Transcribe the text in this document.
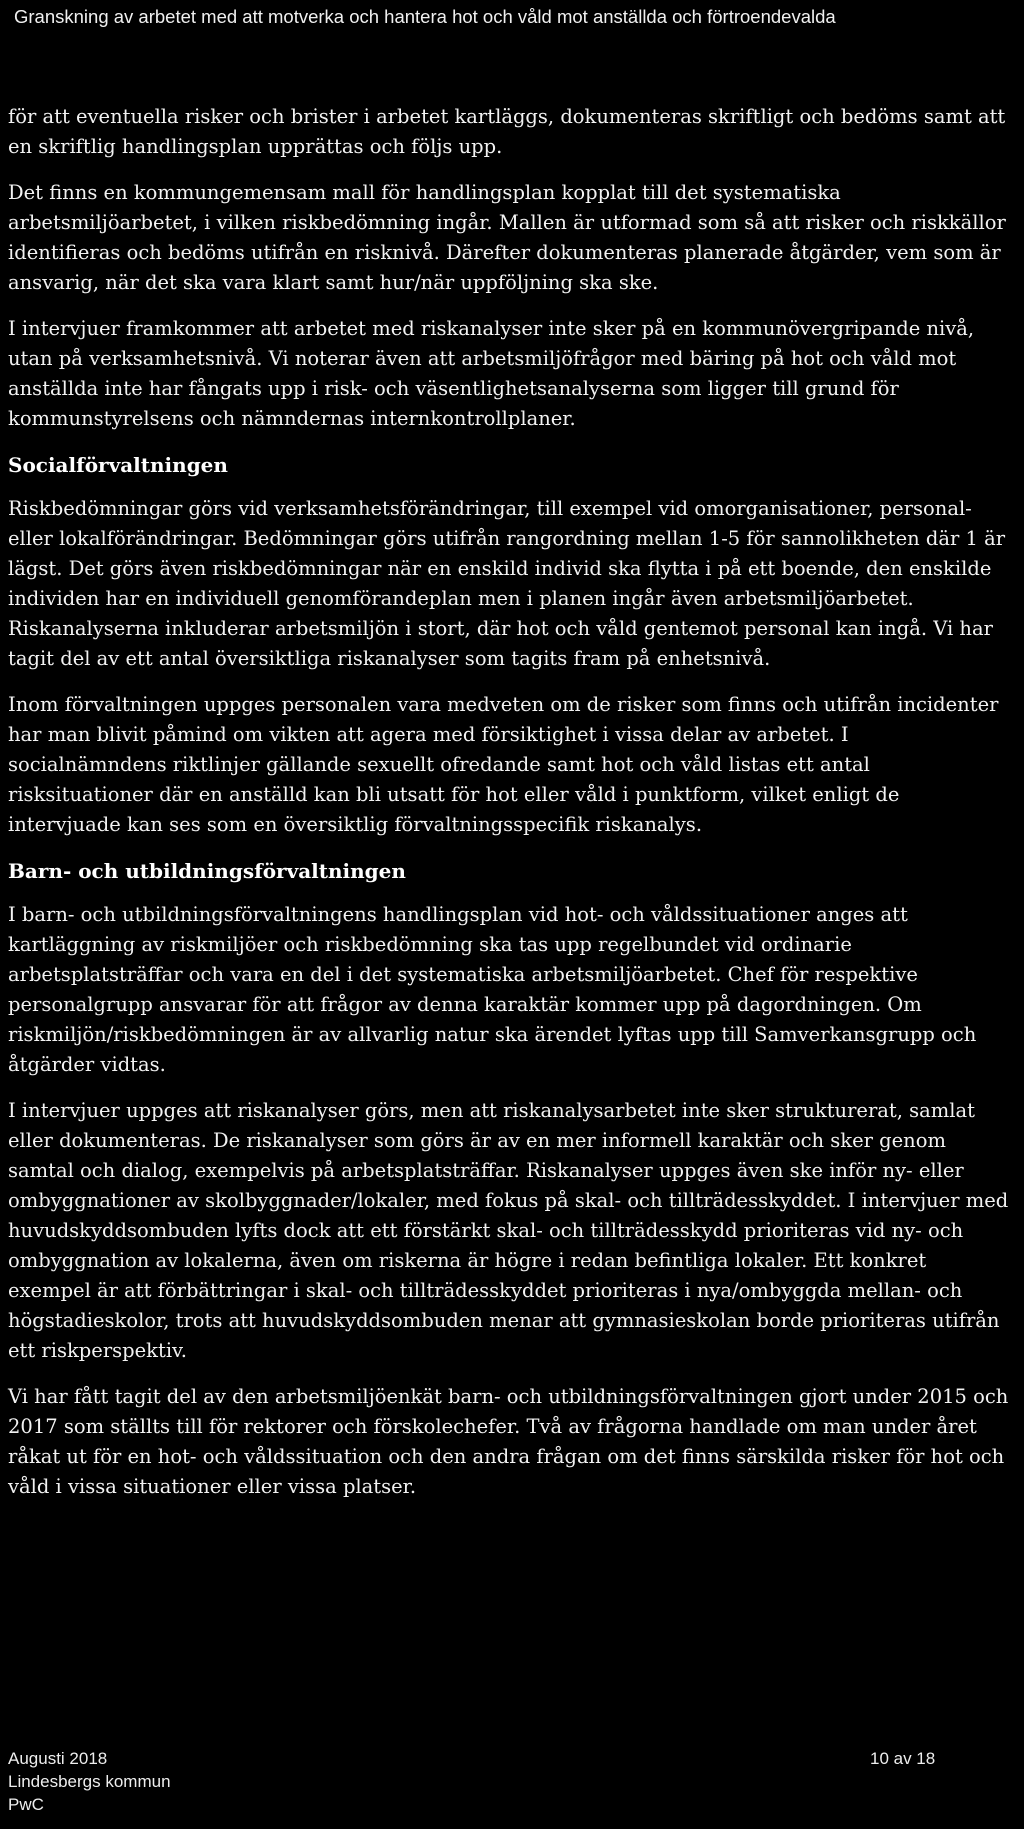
Granskning av arbetet med att motverka och hantera hot och våld mot anställda och förtroendevalda

för att eventuella risker och brister i arbetet kartläggs, dokumenteras skriftligt och bedöms samt att en skriftlig handlingsplan upprättas och följs upp.

Det finns en kommungemensam mall för handlingsplan kopplat till det systematiska arbetsmiljöarbetet, i vilken riskbedömning ingår. Mallen är utformad som så att risker och riskkällor identifieras och bedöms utifrån en risknivå. Därefter dokumenteras planerade åtgärder, vem som är ansvarig, när det ska vara klart samt hur/när uppföljning ska ske.

I intervjuer framkommer att arbetet med riskanalyser inte sker på en kommunövergripande nivå, utan på verksamhetsnivå. Vi noterar även att arbetsmiljöfrågor med bäring på hot och våld mot anställda inte har fångats upp i risk- och väsentlighetsanalyserna som ligger till grund för kommunstyrelsens och nämndernas internkontrollplaner.

Socialförvaltningen

Riskbedömningar görs vid verksamhetsförändringar, till exempel vid omorganisationer, personal- eller lokalförändringar. Bedömningar görs utifrån rangordning mellan 1-5 för sannolikheten där 1 är lägst. Det görs även riskbedömningar när en enskild individ ska flytta i på ett boende, den enskilde individen har en individuell genomförandeplan men i planen ingår även arbetsmiljöarbetet. Riskanalyserna inkluderar arbetsmiljön i stort, där hot och våld gentemot personal kan ingå. Vi har tagit del av ett antal översiktliga riskanalyser som tagits fram på enhetsnivå.

Inom förvaltningen uppges personalen vara medveten om de risker som finns och utifrån incidenter har man blivit påmind om vikten att agera med försiktighet i vissa delar av arbetet. I socialnämndens riktlinjer gällande sexuellt ofredande samt hot och våld listas ett antal risksituationer där en anställd kan bli utsatt för hot eller våld i punktform, vilket enligt de intervjuade kan ses som en översiktlig förvaltningsspecifik riskanalys.

Barn- och utbildningsförvaltningen

I barn- och utbildningsförvaltningens handlingsplan vid hot- och våldssituationer anges att kartläggning av riskmiljöer och riskbedömning ska tas upp regelbundet vid ordinarie arbetsplatsträffar och vara en del i det systematiska arbetsmiljöarbetet. Chef för respektive personalgrupp ansvarar för att frågor av denna karaktär kommer upp på dagordningen. Om riskmiljön/riskbedömningen är av allvarlig natur ska ärendet lyftas upp till Samverkansgrupp och åtgärder vidtas.

I intervjuer uppges att riskanalyser görs, men att riskanalysarbetet inte sker strukturerat, samlat eller dokumenteras. De riskanalyser som görs är av en mer informell karaktär och sker genom samtal och dialog, exempelvis på arbetsplatsträffar. Riskanalyser uppges även ske inför ny- eller ombyggnationer av skolbyggnader/lokaler, med fokus på skal- och tillträdesskyddet. I intervjuer med huvudskyddsombuden lyfts dock att ett förstärkt skal- och tillträdesskydd prioriteras vid ny- och ombyggnation av lokalerna, även om riskerna är högre i redan befintliga lokaler. Ett konkret exempel är att förbättringar i skal- och tillträdesskyddet prioriteras i nya/ombyggda mellan- och högstadieskolor, trots att huvudskyddsombuden menar att gymnasieskolan borde prioriteras utifrån ett riskperspektiv.

Vi har fått tagit del av den arbetsmiljöenkät barn- och utbildningsförvaltningen gjort under 2015 och 2017 som ställts till för rektorer och förskolechefer. Två av frågorna handlade om man under året råkat ut för en hot- och våldssituation och den andra frågan om det finns särskilda risker för hot och våld i vissa situationer eller vissa platser.

Augusti 2018
Lindesbergs kommun
PwC
10 av 18
